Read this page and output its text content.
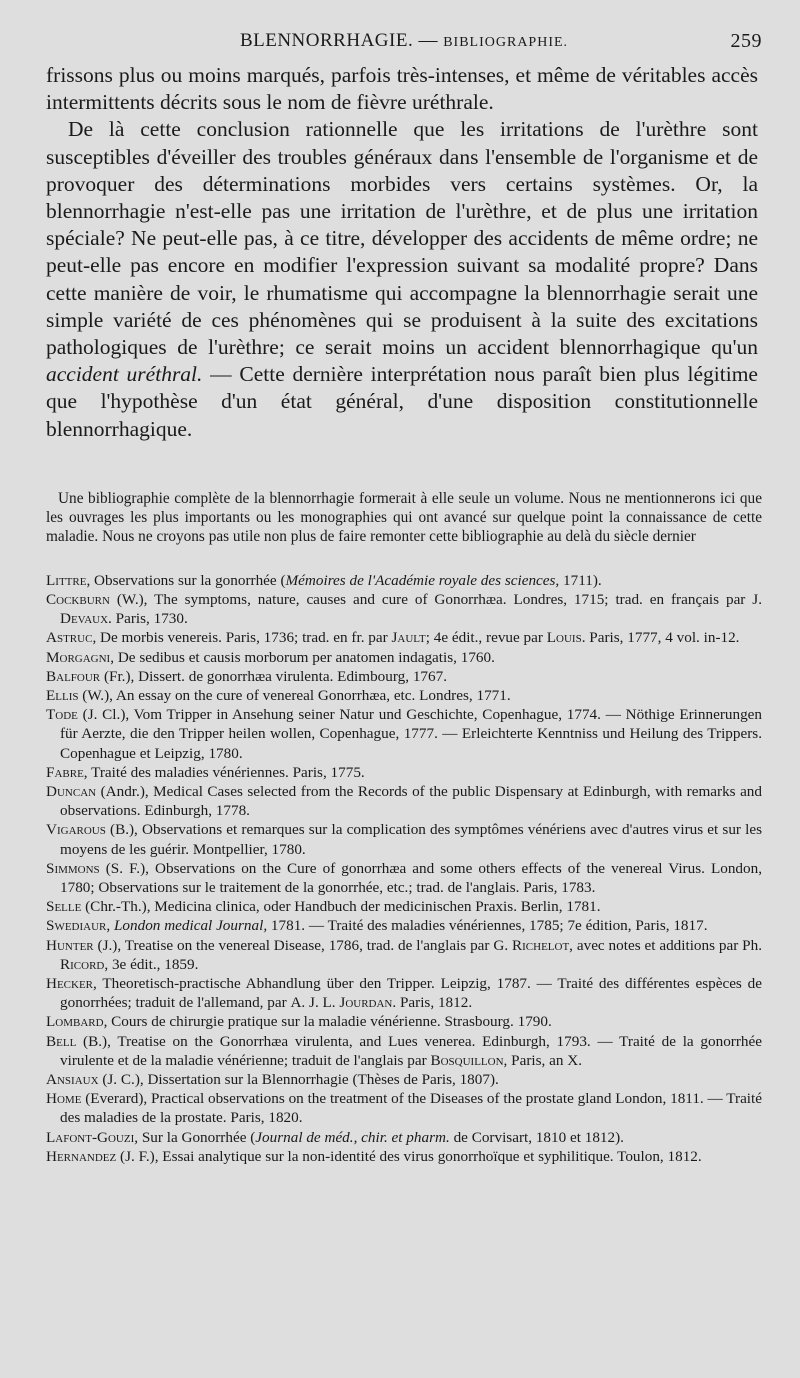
BLENNORRHAGIE. — BIBLIOGRAPHIE.	259

frissons plus ou moins marqués, parfois très-intenses, et même de véritables accès intermittents décrits sous le nom de fièvre uréthrale.

De là cette conclusion rationnelle que les irritations de l'urèthre sont susceptibles d'éveiller des troubles généraux dans l'ensemble de l'organisme et de provoquer des déterminations morbides vers certains systèmes. Or, la blennorrhagie n'est-elle pas une irritation de l'urèthre, et de plus une irritation spéciale? Ne peut-elle pas, à ce titre, développer des accidents de même ordre; ne peut-elle pas encore en modifier l'expression suivant sa modalité propre? Dans cette manière de voir, le rhumatisme qui accompagne la blennorrhagie serait une simple variété de ces phénomènes qui se produisent à la suite des excitations pathologiques de l'urèthre; ce serait moins un accident blennorrhagique qu'un accident uréthral. — Cette dernière interprétation nous paraît bien plus légitime que l'hypothèse d'un état général, d'une disposition constitutionnelle blennorrhagique.

Une bibliographie complète de la blennorrhagie formerait à elle seule un volume. Nous ne mentionnerons ici que les ouvrages les plus importants ou les monographies qui ont avancé sur quelque point la connaissance de cette maladie. Nous ne croyons pas utile non plus de faire remonter cette bibliographie au delà du siècle dernier

Littre, Observations sur la gonorrhée (Mémoires de l'Académie royale des sciences, 1711).

Cockburn (W.), The symptoms, nature, causes and cure of Gonorrhæa. Londres, 1715; trad. en français par J. Devaux. Paris, 1730.

Astruc, De morbis venereis. Paris, 1736; trad. en fr. par Jault; 4e édit., revue par Louis. Paris, 1777, 4 vol. in-12.

Morgagni, De sedibus et causis morborum per anatomen indagatis, 1760.

Balfour (Fr.), Dissert. de gonorrhæa virulenta. Edimbourg, 1767.

Ellis (W.), An essay on the cure of venereal Gonorrhæa, etc. Londres, 1771.

Tode (J. Cl.), Vom Tripper in Ansehung seiner Natur und Geschichte, Copenhague, 1774. — Nöthige Erinnerungen für Aerzte, die den Tripper heilen wollen, Copenhague, 1777. — Erleichterte Kenntniss und Heilung des Trippers. Copenhague et Leipzig, 1780.

Fabre, Traité des maladies vénériennes. Paris, 1775.

Duncan (Andr.), Medical Cases selected from the Records of the public Dispensary at Edinburgh, with remarks and observations. Edinburgh, 1778.

Vigarous (B.), Observations et remarques sur la complication des symptômes vénériens avec d'autres virus et sur les moyens de les guérir. Montpellier, 1780.

Simmons (S. F.), Observations on the Cure of gonorrhæa and some others effects of the venereal Virus. London, 1780; Observations sur le traitement de la gonorrhée, etc.; trad. de l'anglais. Paris, 1783.

Selle (Chr.-Th.), Medicina clinica, oder Handbuch der medicinischen Praxis. Berlin, 1781.

Swediaur, London medical Journal, 1781. — Traité des maladies vénériennes, 1785; 7e édition, Paris, 1817.

Hunter (J.), Treatise on the venereal Disease, 1786, trad. de l'anglais par G. Richelot, avec notes et additions par Ph. Ricord, 3e édit., 1859.

Hecker, Theoretisch-practische Abhandlung über den Tripper. Leipzig, 1787. — Traité des différentes espèces de gonorrhées; traduit de l'allemand, par A. J. L. Jourdan. Paris, 1812.

Lombard, Cours de chirurgie pratique sur la maladie vénérienne. Strasbourg. 1790.

Bell (B.), Treatise on the Gonorrhæa virulenta, and Lues venerea. Edinburgh, 1793. — Traité de la gonorrhée virulente et de la maladie vénérienne; traduit de l'anglais par Bosquillon, Paris, an X.

Ansiaux (J. C.), Dissertation sur la Blennorrhagie (Thèses de Paris, 1807).

Home (Everard), Practical observations on the treatment of the Diseases of the prostate gland London, 1811. — Traité des maladies de la prostate. Paris, 1820.

Lafont-Gouzi, Sur la Gonorrhée (Journal de méd., chir. et pharm. de Corvisart, 1810 et 1812).

Hernandez (J. F.), Essai analytique sur la non-identité des virus gonorrhoïque et syphilitique. Toulon, 1812.
